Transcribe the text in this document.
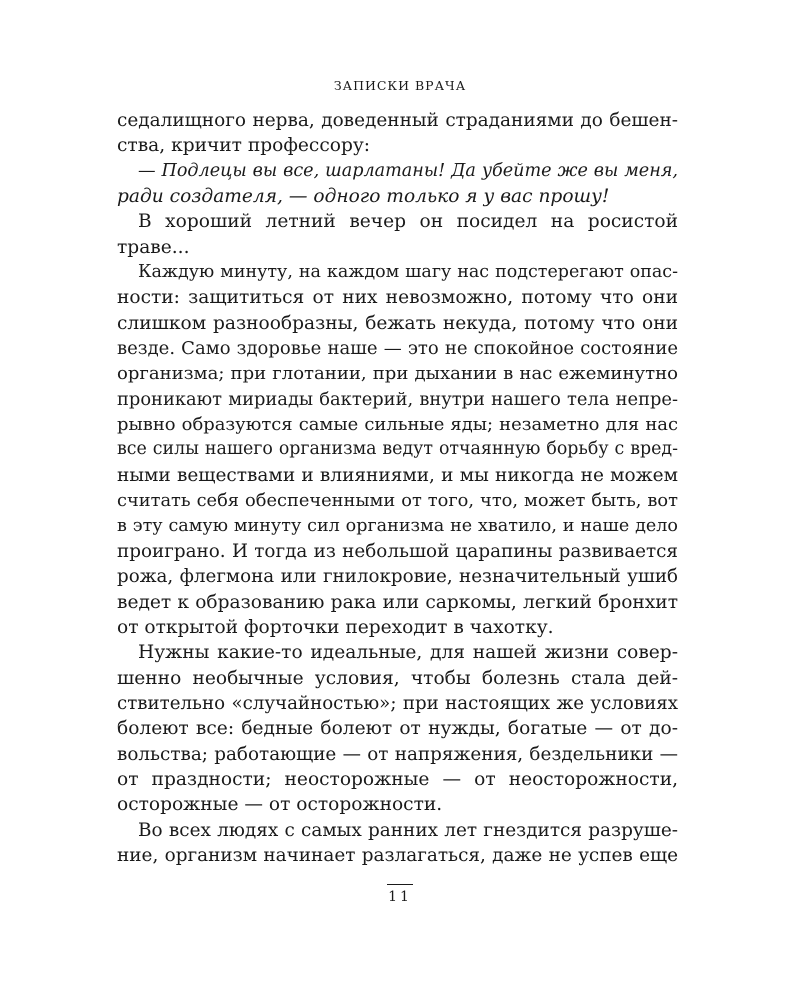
ЗАПИСКИ ВРАЧА
седалищного нерва, доведенный страданиями до бешен-
ства, кричит профессору:
— Подлецы вы все, шарлатаны! Да убейте же вы меня,
ради создателя, — одного только я у вас прошу!
В хороший летний вечер он посидел на росистой
траве...
Каждую минуту, на каждом шагу нас подстерегают опас-
ности: защититься от них невозможно, потому что они
слишком разнообразны, бежать некуда, потому что они
везде. Само здоровье наше — это не спокойное состояние
организма; при глотании, при дыхании в нас ежеминутно
проникают мириады бактерий, внутри нашего тела непре-
рывно образуются самые сильные яды; незаметно для нас
все силы нашего организма ведут отчаянную борьбу с вред-
ными веществами и влияниями, и мы никогда не можем
считать себя обеспеченными от того, что, может быть, вот
в эту самую минуту сил организма не хватило, и наше дело
проиграно. И тогда из небольшой царапины развивается
рожа, флегмона или гнилокровие, незначительный ушиб
ведет к образованию рака или саркомы, легкий бронхит
от открытой форточки переходит в чахотку.
Нужны какие-то идеальные, для нашей жизни совер-
шенно необычные условия, чтобы болезнь стала дей-
ствительно «случайностью»; при настоящих же условиях
болеют все: бедные болеют от нужды, богатые — от до-
вольства; работающие — от напряжения, бездельники —
от праздности; неосторожные — от неосторожности,
осторожные — от осторожности.
Во всех людях с самых ранних лет гнездится разруше-
ние, организм начинает разлагаться, даже не успев еще
11
